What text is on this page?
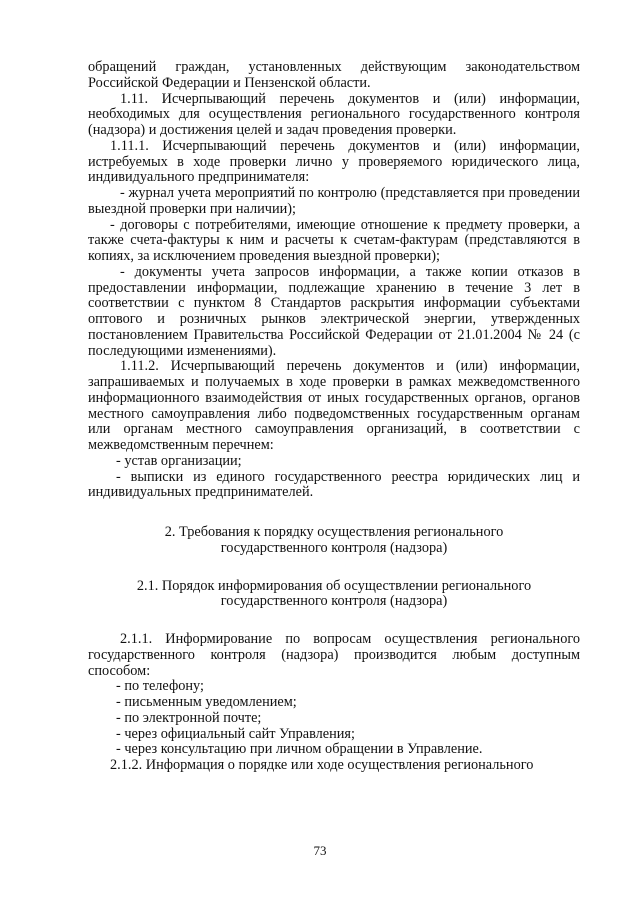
обращений граждан, установленных действующим законодательством Российской Федерации и Пензенской области.

1.11. Исчерпывающий перечень документов и (или) информации, необходимых для осуществления регионального государственного контроля (надзора) и достижения целей и задач проведения проверки.

1.11.1. Исчерпывающий перечень документов и (или) информации, истребуемых в ходе проверки лично у проверяемого юридического лица, индивидуального предпринимателя:

- журнал учета мероприятий по контролю (представляется при проведении выездной проверки при наличии);

- договоры с потребителями, имеющие отношение к предмету проверки, а также счета-фактуры к ним и расчеты к счетам-фактурам (представляются в копиях, за исключением проведения выездной проверки);

- документы учета запросов информации, а также копии отказов в предоставлении информации, подлежащие хранению в течение 3 лет в соответствии с пунктом 8 Стандартов раскрытия информации субъектами оптового и розничных рынков электрической энергии, утвержденных постановлением Правительства Российской Федерации от 21.01.2004 № 24 (с последующими изменениями).

1.11.2. Исчерпывающий перечень документов и (или) информации, запрашиваемых и получаемых в ходе проверки в рамках межведомственного информационного взаимодействия от иных государственных органов, органов местного самоуправления либо подведомственных государственным органам или органам местного самоуправления организаций, в соответствии с межведомственным перечнем:

- устав организации;

- выписки из единого государственного реестра юридических лиц и индивидуальных предпринимателей.

2. Требования к порядку осуществления регионального государственного контроля (надзора)

2.1. Порядок информирования об осуществлении регионального государственного контроля (надзора)

2.1.1. Информирование по вопросам осуществления регионального государственного контроля (надзора) производится любым доступным способом:

- по телефону;

- письменным уведомлением;

- по электронной почте;

- через официальный сайт Управления;

- через консультацию при личном обращении в Управление.

2.1.2. Информация о порядке или ходе осуществления регионального

73
